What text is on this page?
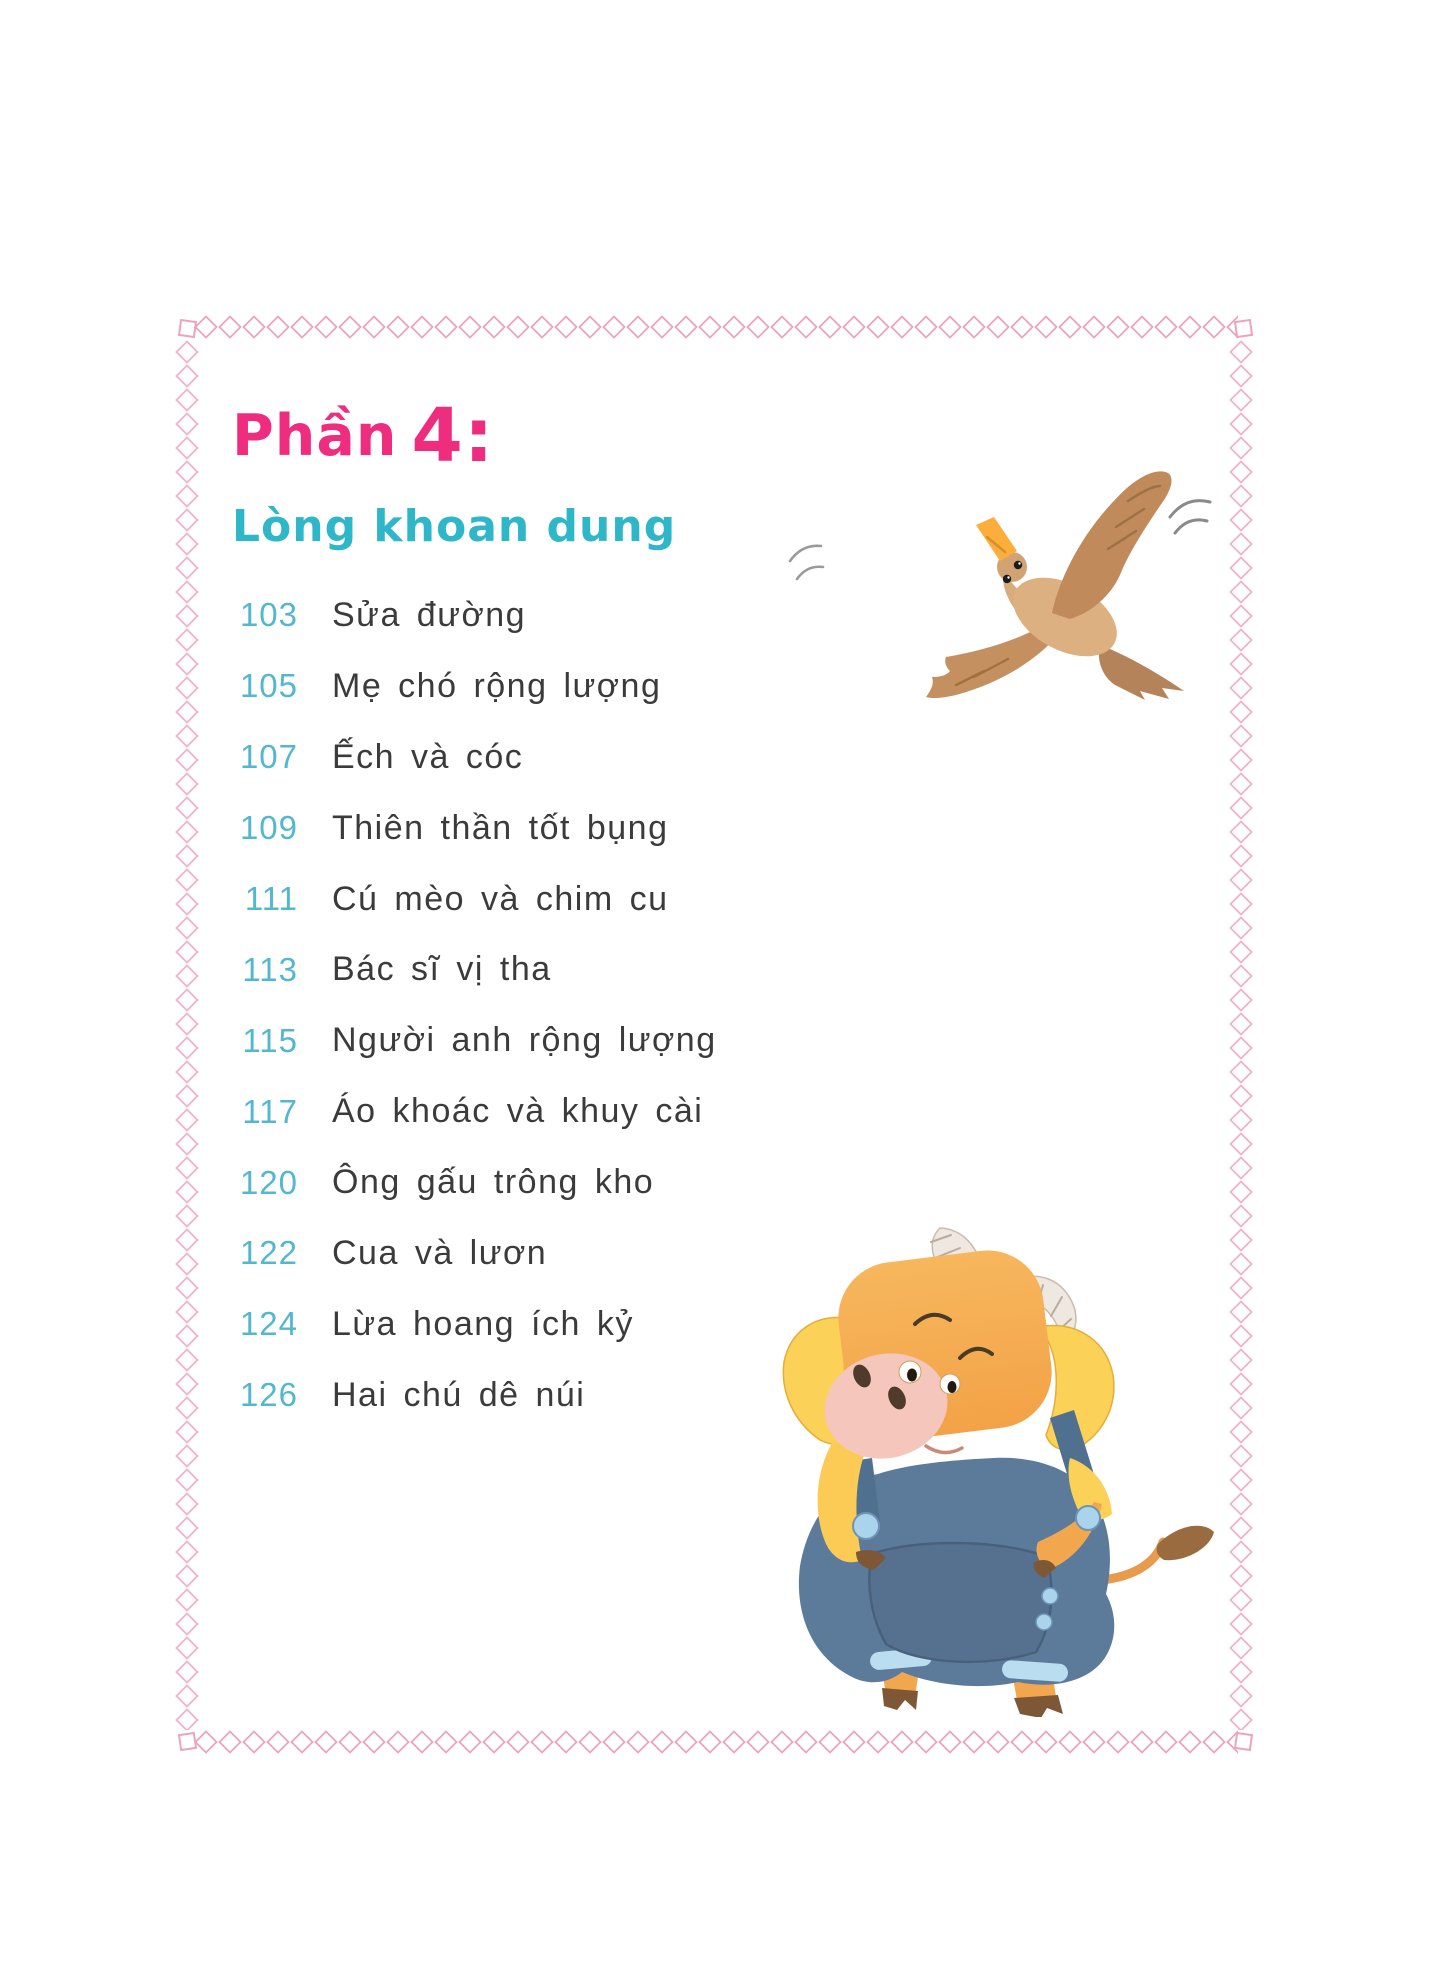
Phần 4:
Lòng khoan dung
103 Sửa đường
105 Mẹ chó rộng lượng
107 Ếch và cóc
109 Thiên thần tốt bụng
111 Cú mèo và chim cu
113 Bác sĩ vị tha
115 Người anh rộng lượng
117 Áo khoác và khuy cài
120 Ông gấu trông kho
122 Cua và lươn
124 Lừa hoang ích kỷ
126 Hai chú dê núi
